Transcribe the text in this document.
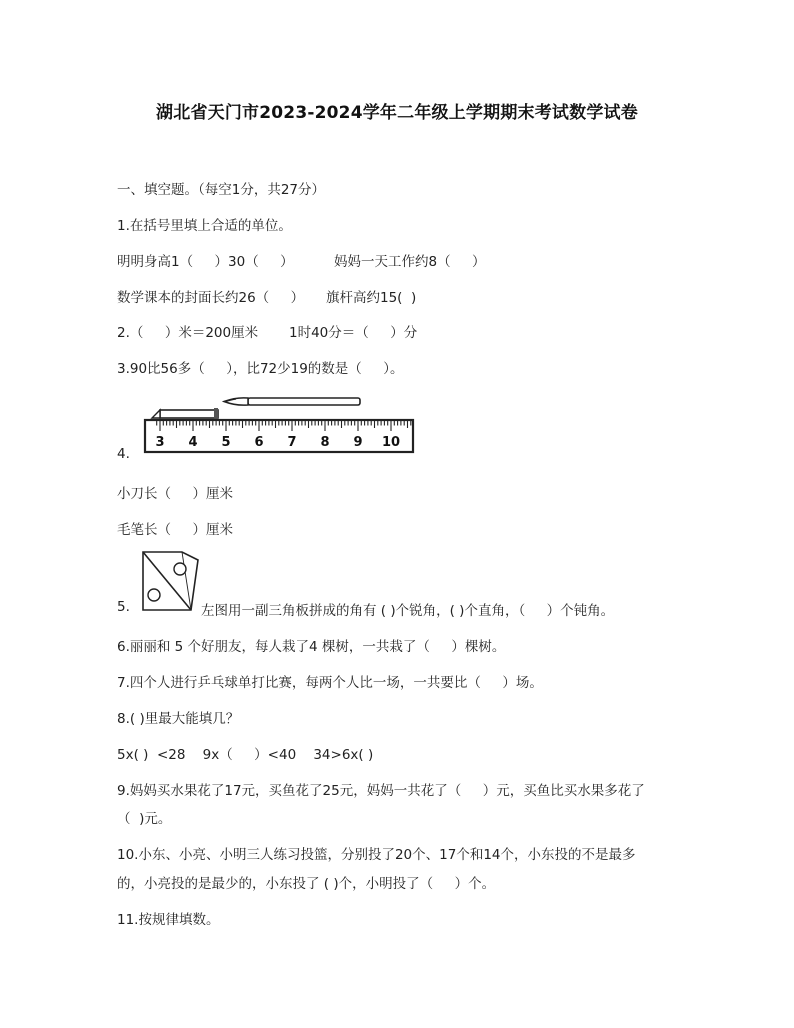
湖北省天门市2023-2024学年二年级上学期期末考试数学试卷
一、填空题。（每空1分，共27分）
1.在括号里填上合适的单位。
明明身高1（     ）30（     ）	妈妈一天工作约8（     ）
数学课本的封面长约26（     ） 旗杆高约15(  )
2.（     ）米＝200厘米 1时40分＝（     ）分
3.90比56多（     ），比72少19的数是（     ）。
3 4 5 6 7 8 9 10
4.
小刀长（     ）厘米
毛笔长（     ）厘米
5.	左图用一副三角板拼成的角有 ( )个锐角，( )个直角，（     ）个钝角。
6.丽丽和 5 个好朋友，每人栽了4 棵树，一共栽了（     ）棵树。
7.四个人进行乒乓球单打比赛，每两个人比一场，一共要比（     ）场。
8.( )里最大能填几？
5x( )  <28    9x（     ）<40    34>6x( )
9.妈妈买水果花了17元，买鱼花了25元，妈妈一共花了（     ）元，买鱼比买水果多花了
（  )元。
10.小东、小亮、小明三人练习投篮，分别投了20个、17个和14个，小东投的不是最多
的，小亮投的是最少的，小东投了 ( )个，小明投了（     ）个。
11.按规律填数。
